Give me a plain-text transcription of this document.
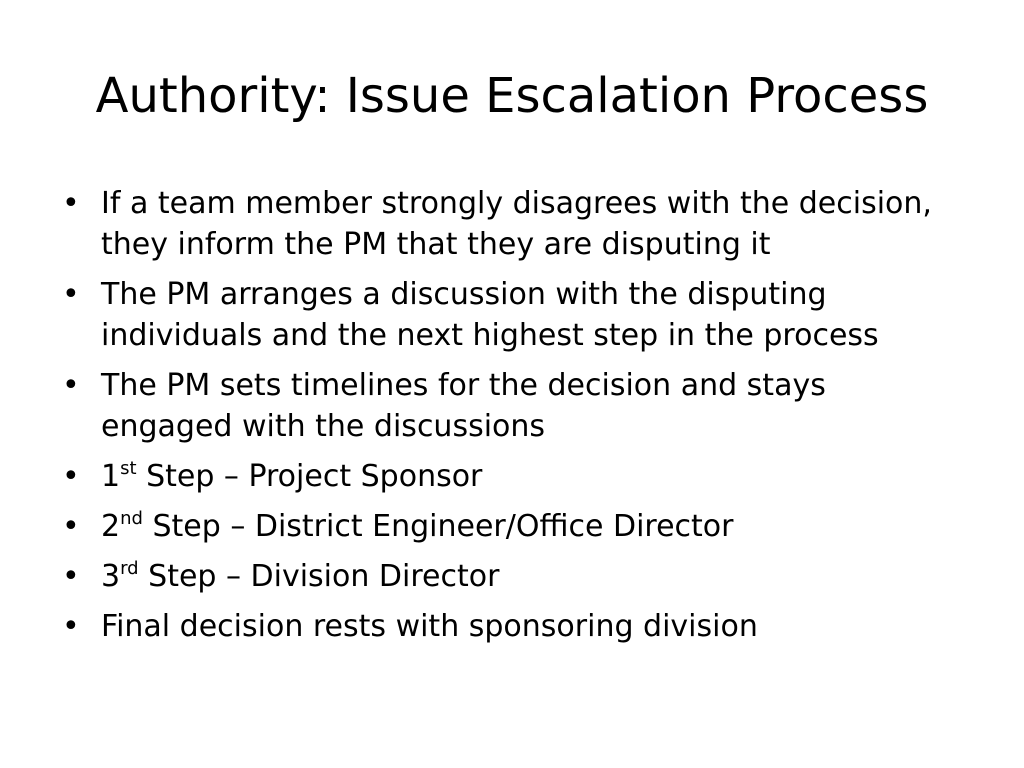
Authority: Issue Escalation Process
• If a team member strongly disagrees with the decision, they inform the PM that they are disputing it
• The PM arranges a discussion with the disputing individuals and the next highest step in the process
• The PM sets timelines for the decision and stays engaged with the discussions
• 1st Step – Project Sponsor
• 2nd Step – District Engineer/Office Director
• 3rd Step – Division Director
• Final decision rests with sponsoring division
